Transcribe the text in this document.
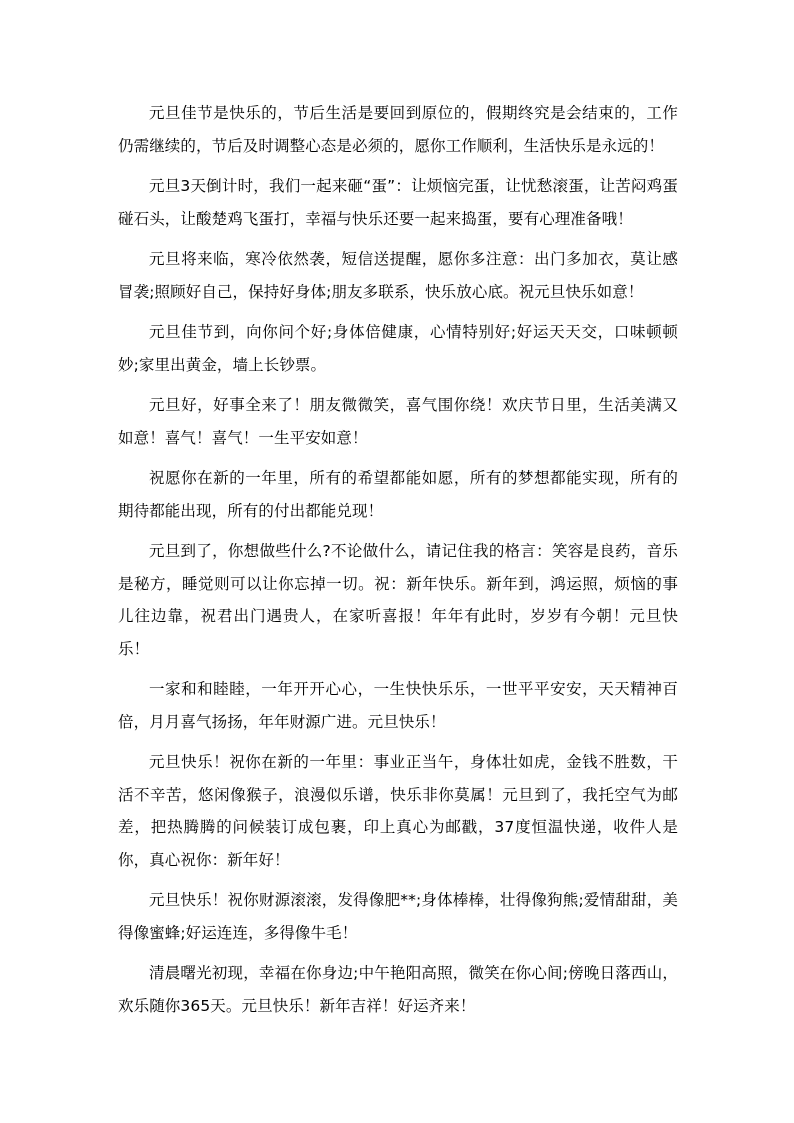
元旦佳节是快乐的，节后生活是要回到原位的，假期终究是会结束的，工作仍需继续的，节后及时调整心态是必须的，愿你工作顺利，生活快乐是永远的！

元旦3天倒计时，我们一起来砸“蛋”：让烦恼完蛋，让忧愁滚蛋，让苦闷鸡蛋碰石头，让酸楚鸡飞蛋打，幸福与快乐还要一起来捣蛋，要有心理准备哦！

元旦将来临，寒冷依然袭，短信送提醒，愿你多注意：出门多加衣，莫让感冒袭;照顾好自己，保持好身体;朋友多联系，快乐放心底。祝元旦快乐如意！

元旦佳节到，向你问个好;身体倍健康，心情特别好;好运天天交，口味顿顿妙;家里出黄金，墙上长钞票。

元旦好，好事全来了！朋友微微笑，喜气围你绕！欢庆节日里，生活美满又如意！喜气！喜气！一生平安如意！

祝愿你在新的一年里，所有的希望都能如愿，所有的梦想都能实现，所有的期待都能出现，所有的付出都能兑现！

元旦到了，你想做些什么?不论做什么，请记住我的格言：笑容是良药，音乐是秘方，睡觉则可以让你忘掉一切。祝：新年快乐。新年到，鸿运照，烦恼的事儿往边靠，祝君出门遇贵人，在家听喜报！年年有此时，岁岁有今朝！元旦快乐！

一家和和睦睦，一年开开心心，一生快快乐乐，一世平平安安，天天精神百倍，月月喜气扬扬，年年财源广进。元旦快乐！

元旦快乐！祝你在新的一年里：事业正当午，身体壮如虎，金钱不胜数，干活不辛苦，悠闲像猴子，浪漫似乐谱，快乐非你莫属！元旦到了，我托空气为邮差，把热腾腾的问候装订成包裹，印上真心为邮戳，37度恒温快递，收件人是你，真心祝你：新年好！

元旦快乐！祝你财源滚滚，发得像肥**;身体棒棒，壮得像狗熊;爱情甜甜，美得像蜜蜂;好运连连，多得像牛毛！

清晨曙光初现，幸福在你身边;中午艳阳高照，微笑在你心间;傍晚日落西山，欢乐随你365天。元旦快乐！新年吉祥！好运齐来！
